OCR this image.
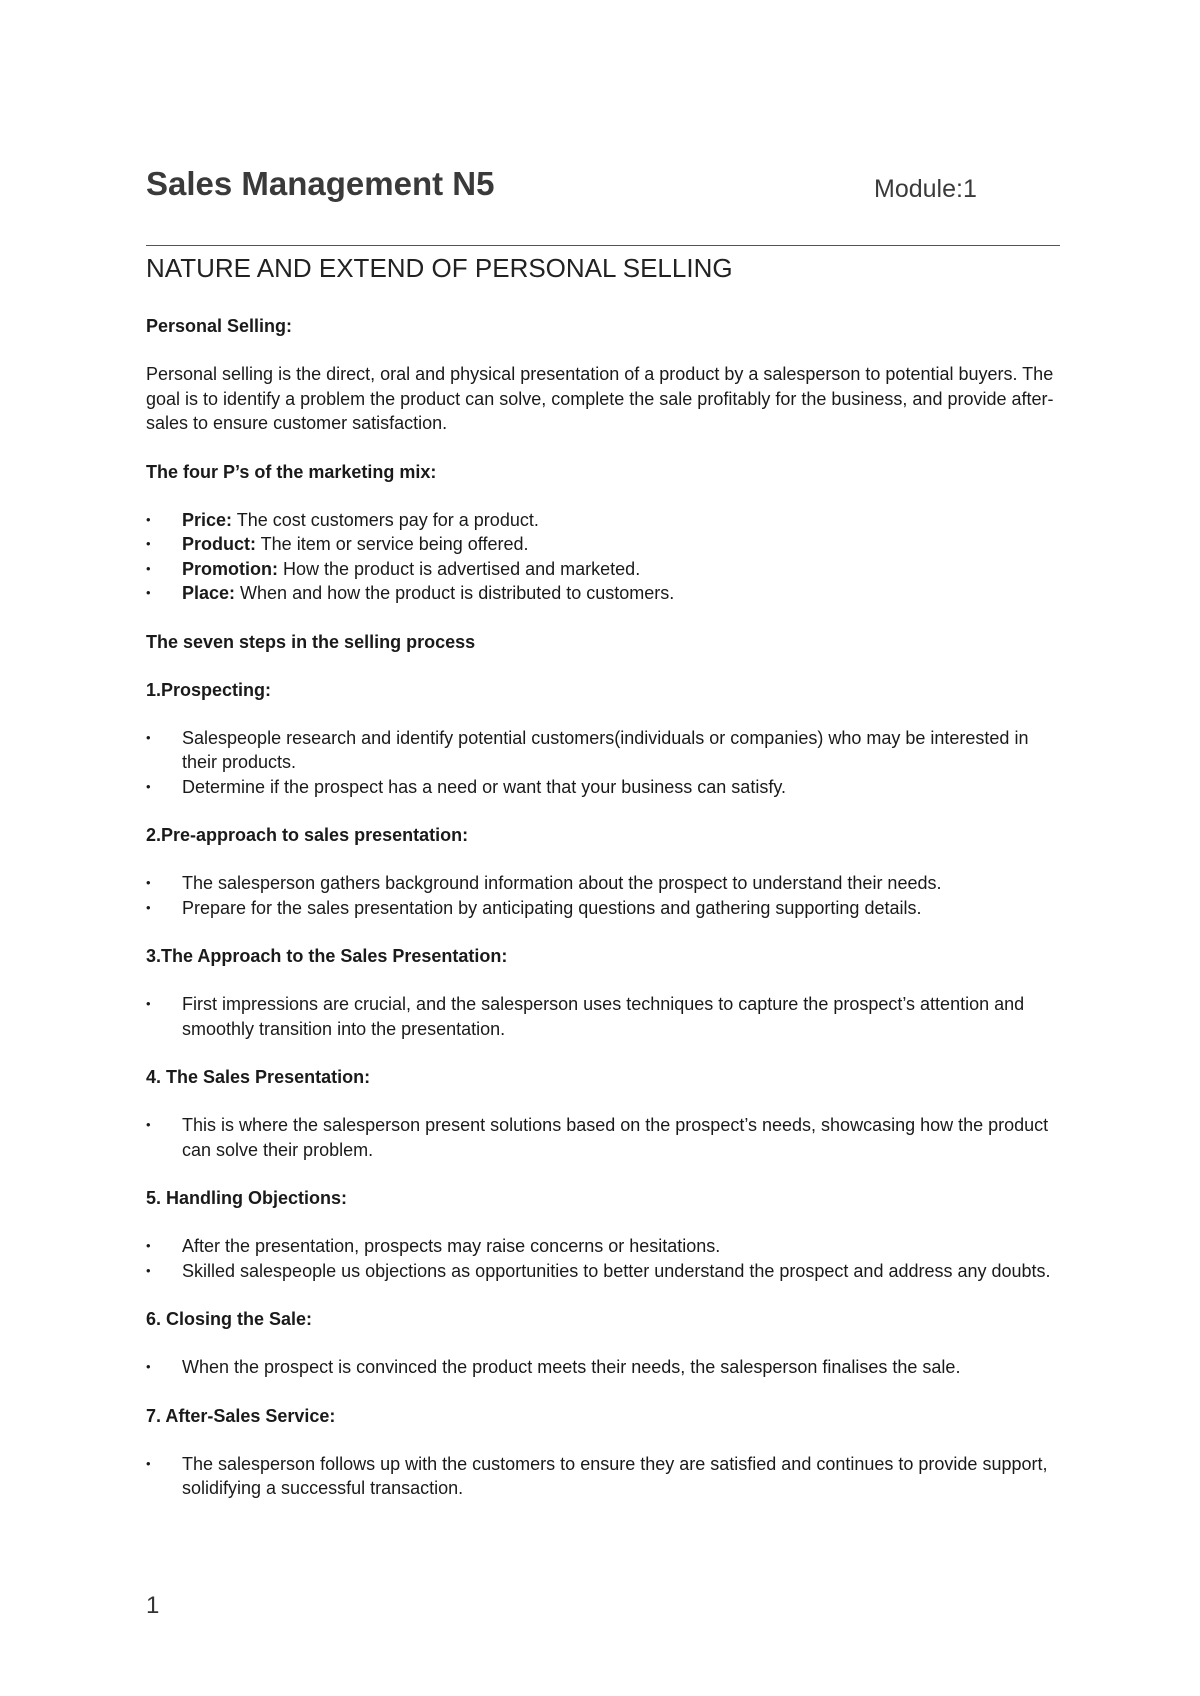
Sales Management N5	Module:1
NATURE AND EXTEND OF PERSONAL SELLING
Personal Selling:

Personal selling is the direct, oral and physical presentation of a product by a salesperson to potential buyers. The goal is to identify a problem the product can solve, complete the sale profitably for the business, and provide after-sales to ensure customer satisfaction.

The four P’s of the marketing mix:
•	Price: The cost customers pay for a product.
•	Product: The item or service being offered.
•	Promotion: How the product is advertised and marketed.
•	Place: When and how the product is distributed to customers.
The seven steps in the selling process
1.Prospecting:
•	Salespeople research and identify potential customers(individuals or companies) who may be interested in their products.
•	Determine if the prospect has a need or want that your business can satisfy.
2.Pre-approach to sales presentation:
•	The salesperson gathers background information about the prospect to understand their needs.
•	Prepare for the sales presentation by anticipating questions and gathering supporting details.
3.The Approach to the Sales Presentation:
•	First impressions are crucial, and the salesperson uses techniques to capture the prospect’s attention and smoothly transition into the presentation.
4. The Sales Presentation:
•	This is where the salesperson present solutions based on the prospect’s needs, showcasing how the product can solve their problem.
5. Handling Objections:
•	After the presentation, prospects may raise concerns or hesitations.
•	Skilled salespeople us objections as opportunities to better understand the prospect and address any doubts.
6. Closing the Sale:
•	When the prospect is convinced the product meets their needs, the salesperson finalises the sale.
7. After-Sales Service:
•	The salesperson follows up with the customers to ensure they are satisfied and continues to provide support, solidifying a successful transaction.
1
